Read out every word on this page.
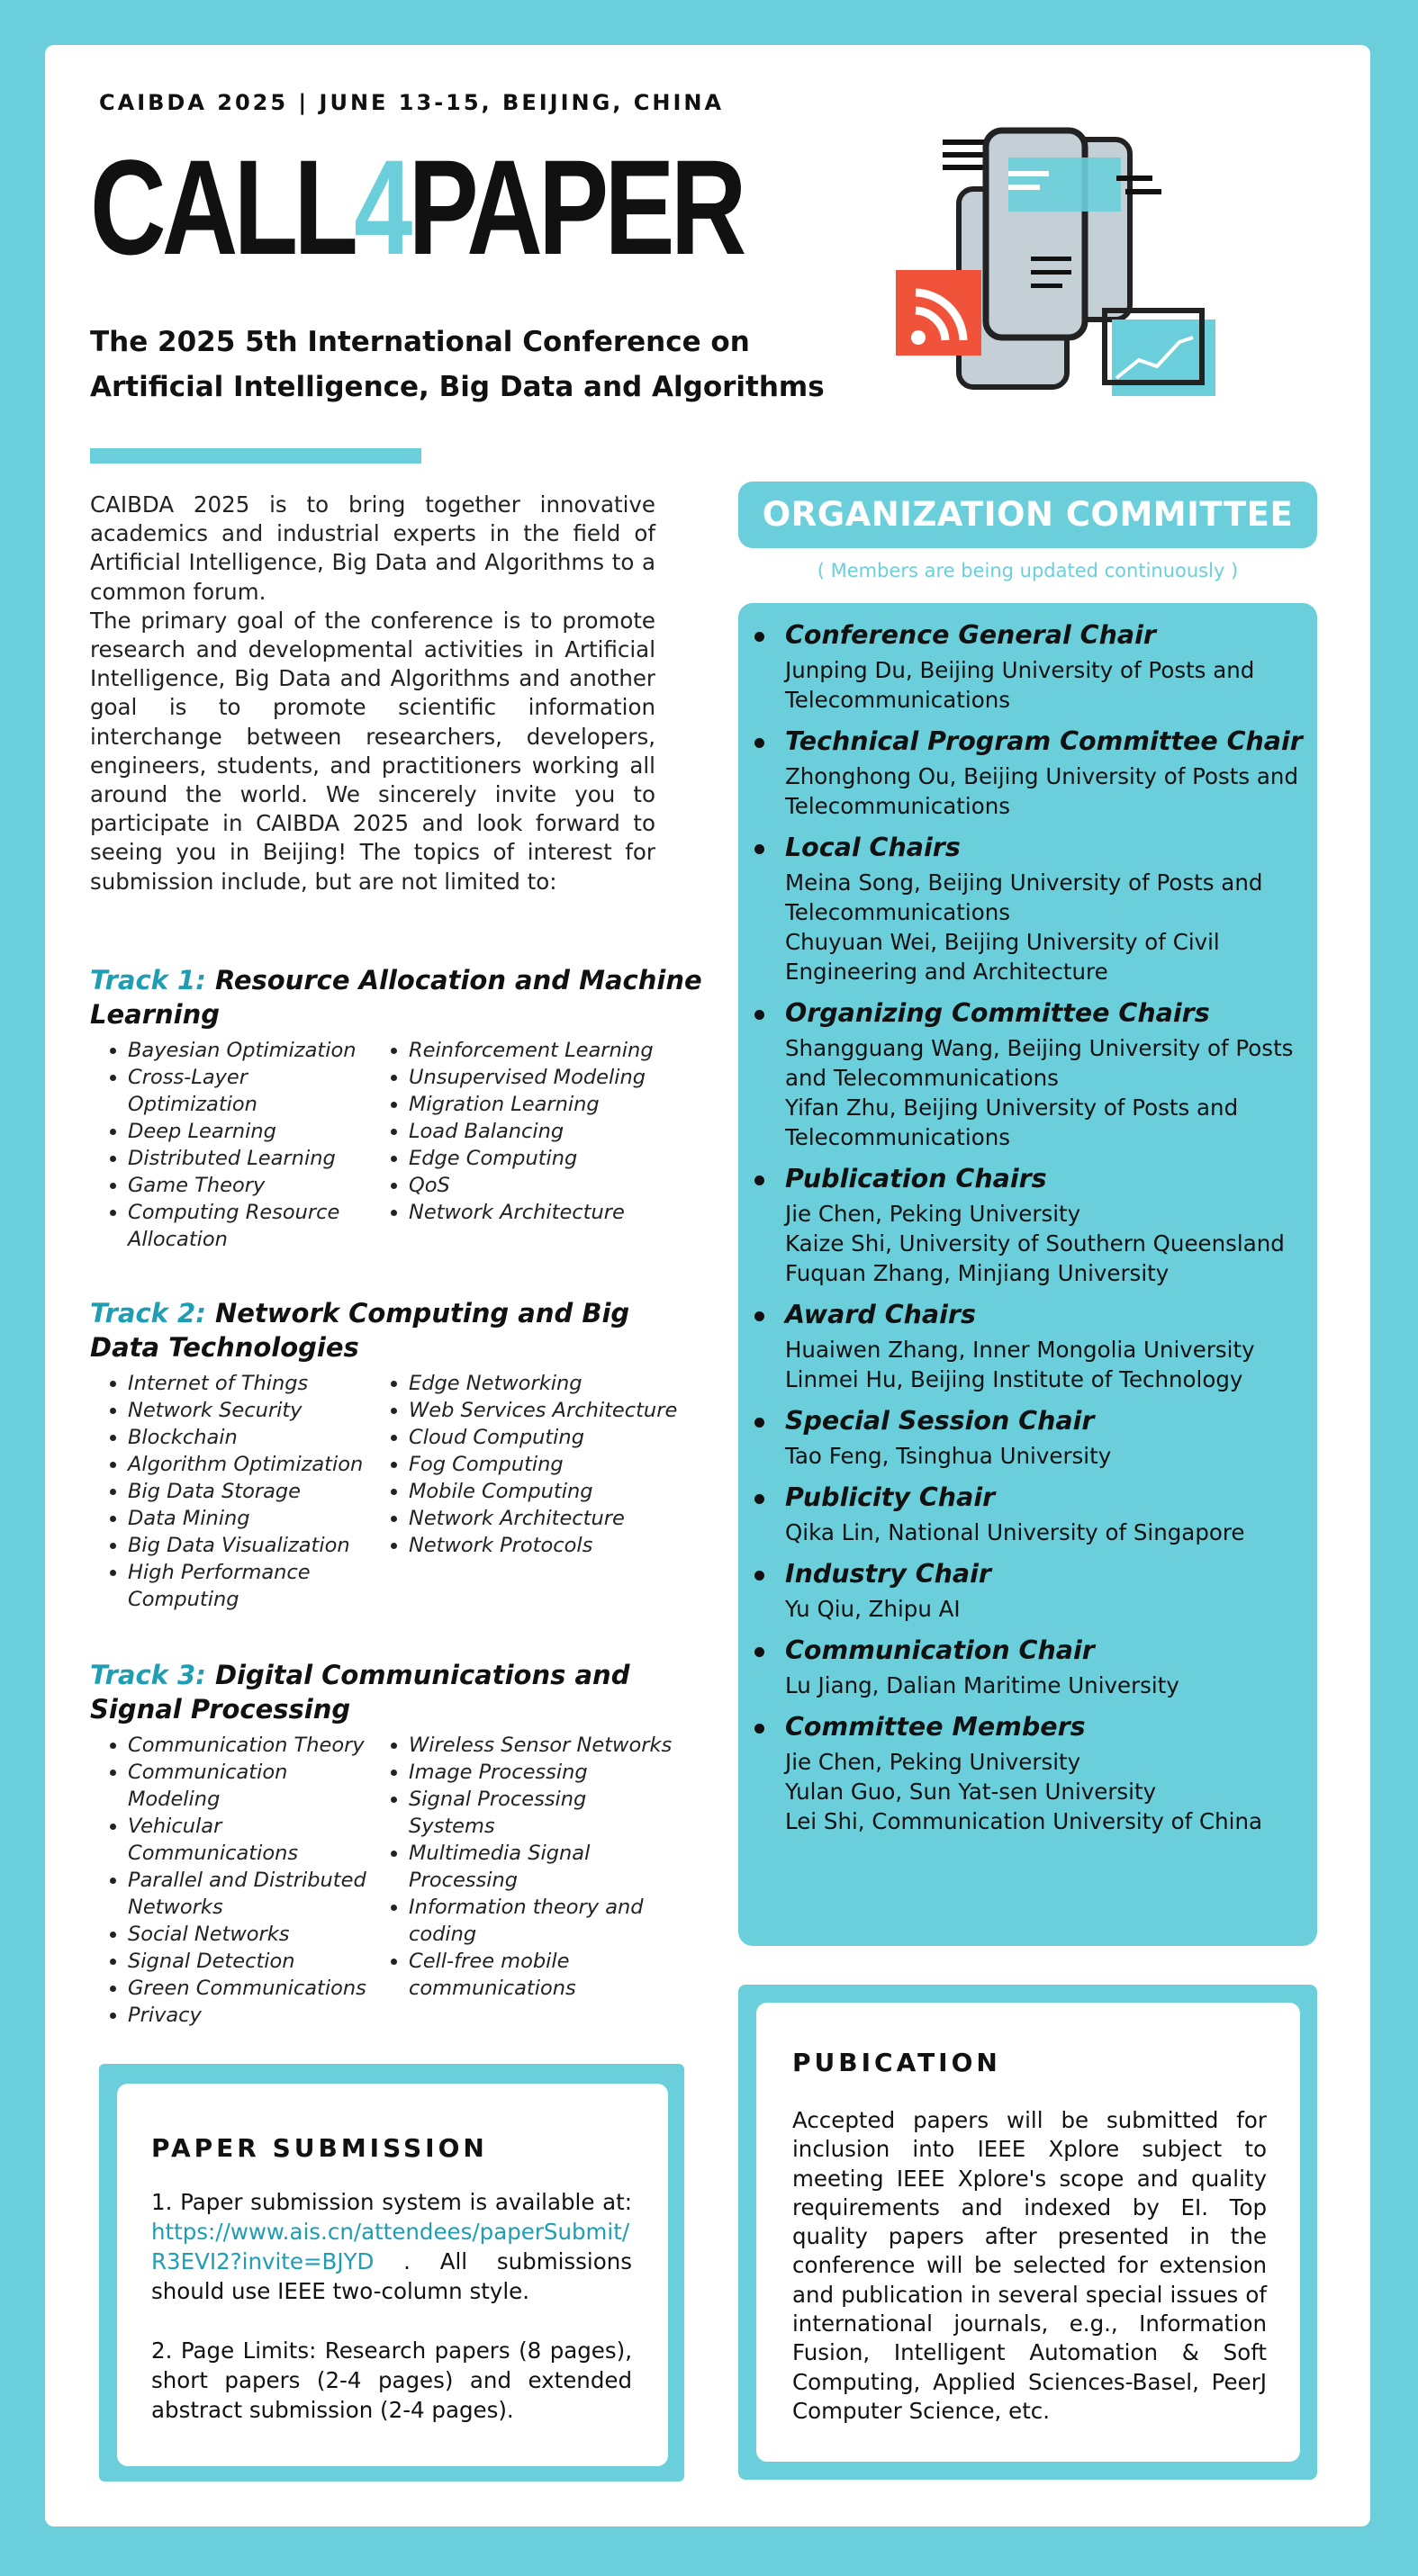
CAIBDA 2025 | JUNE 13-15, BEIJING, CHINA
CALL4PAPER
The 2025 5th International Conference on
Artificial Intelligence, Big Data and Algorithms

CAIBDA 2025 is to bring together innovative academics and industrial experts in the field of Artificial Intelligence, Big Data and Algorithms to a common forum.

The primary goal of the conference is to promote research and developmental activities in Artificial Intelligence, Big Data and Algorithms and another goal is to promote scientific information interchange between researchers, developers, engineers, students, and practitioners working all around the world. We sincerely invite you to participate in CAIBDA 2025 and look forward to seeing you in Beijing! The topics of interest for submission include, but are not limited to:

Track 1: Resource Allocation and Machine Learning
• Bayesian Optimization
• Cross-Layer Optimization
• Deep Learning
• Distributed Learning
• Game Theory
• Computing Resource Allocation
• Reinforcement Learning
• Unsupervised Modeling
• Migration Learning
• Load Balancing
• Edge Computing
• QoS
• Network Architecture
Track 2: Network Computing and Big Data Technologies
• Internet of Things
• Network Security
• Blockchain
• Algorithm Optimization
• Big Data Storage
• Data Mining
• Big Data Visualization
• High Performance Computing
• Edge Networking
• Web Services Architecture
• Cloud Computing
• Fog Computing
• Mobile Computing
• Network Architecture
• Network Protocols
Track 3: Digital Communications and Signal Processing
• Communication Theory
• Communication Modeling
• Vehicular Communications
• Parallel and Distributed Networks
• Social Networks
• Signal Detection
• Green Communications
• Privacy
• Wireless Sensor Networks
• Image Processing
• Signal Processing Systems
• Multimedia Signal Processing
• Information theory and coding
• Cell-free mobile communications
ORGANIZATION COMMITTEE
( Members are being updated continuously )
Conference General Chair
Junping Du, Beijing University of Posts and Telecommunications
Technical Program Committee Chair
Zhonghong Ou, Beijing University of Posts and Telecommunications
Local Chairs
Meina Song, Beijing University of Posts and Telecommunications
Chuyuan Wei, Beijing University of Civil Engineering and Architecture
Organizing Committee Chairs
Shangguang Wang, Beijing University of Posts and Telecommunications
Yifan Zhu, Beijing University of Posts and Telecommunications
Publication Chairs
Jie Chen, Peking University
Kaize Shi, University of Southern Queensland
Fuquan Zhang, Minjiang University
Award Chairs
Huaiwen Zhang, Inner Mongolia University
Linmei Hu, Beijing Institute of Technology
Special Session Chair
Tao Feng, Tsinghua University
Publicity Chair
Qika Lin, National University of Singapore
Industry Chair
Yu Qiu, Zhipu AI
Communication Chair
Lu Jiang, Dalian Maritime University
Committee Members
Jie Chen, Peking University
Yulan Guo, Sun Yat-sen University
Lei Shi, Communication University of China
PAPER SUBMISSION

1. Paper submission system is available at: https://www.ais.cn/attendees/paperSubmit/R3EVI2?invite=BJYD . All submissions should use IEEE two-column style.

2. Page Limits: Research papers (8 pages), short papers (2-4 pages) and extended abstract submission (2-4 pages).

PUBICATION
Accepted papers will be submitted for inclusion into IEEE Xplore subject to meeting IEEE Xplore's scope and quality requirements and indexed by EI. Top quality papers after presented in the conference will be selected for extension and publication in several special issues of international journals, e.g., Information Fusion, Intelligent Automation & Soft Computing, Applied Sciences-Basel, PeerJ Computer Science, etc.
